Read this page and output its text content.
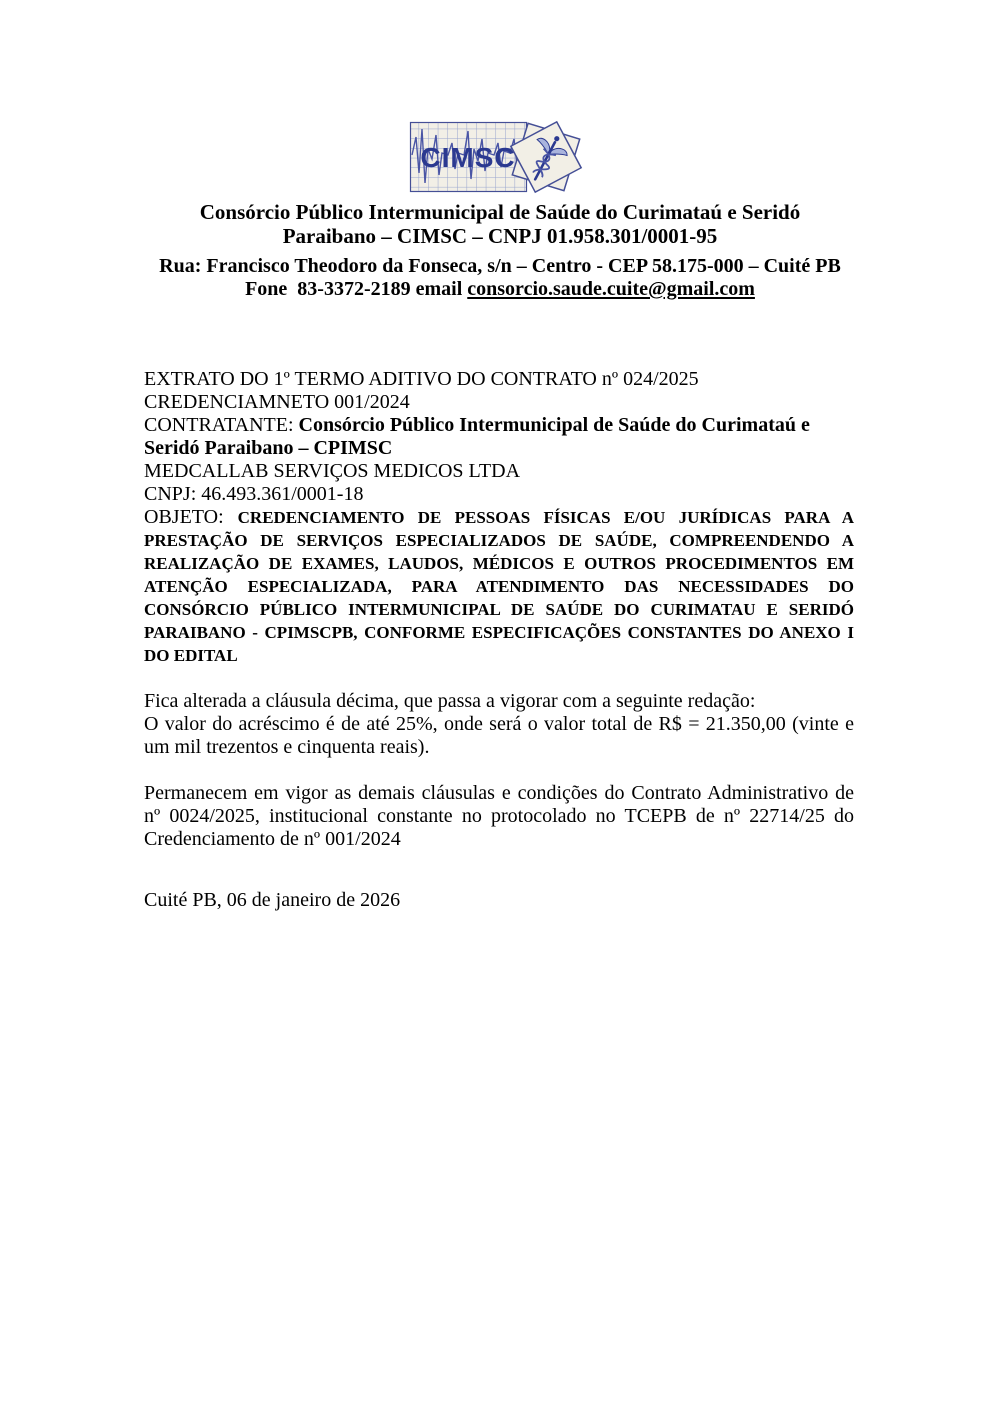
CIMSC
Consórcio Público Intermunicipal de Saúde do Curimataú e Seridó
Paraibano – CIMSC – CNPJ 01.958.301/0001-95
Rua: Francisco Theodoro da Fonseca, s/n – Centro - CEP 58.175-000 – Cuité PB
Fone  83-3372-2189 email consorcio.saude.cuite@gmail.com
EXTRATO DO 1º TERMO ADITIVO DO CONTRATO nº 024/2025
CREDENCIAMNETO 001/2024
CONTRATANTE: Consórcio Público Intermunicipal de Saúde do Curimataú e Seridó Paraibano – CPIMSC
MEDCALLAB SERVIÇOS MEDICOS LTDA
CNPJ: 46.493.361/0001-18
OBJETO: CREDENCIAMENTO DE PESSOAS FÍSICAS E/OU JURÍDICAS PARA A PRESTAÇÃO DE SERVIÇOS ESPECIALIZADOS DE SAÚDE, COMPREENDENDO A REALIZAÇÃO DE EXAMES, LAUDOS, MÉDICOS E OUTROS PROCEDIMENTOS EM ATENÇÃO ESPECIALIZADA, PARA ATENDIMENTO DAS NECESSIDADES DO CONSÓRCIO PÚBLICO INTERMUNICIPAL DE SAÚDE DO CURIMATAU E SERIDÓ PARAIBANO - CPIMSCPB, CONFORME ESPECIFICAÇÕES CONSTANTES DO ANEXO I DO EDITAL
Fica alterada a cláusula décima, que passa a vigorar com a seguinte redação:
O valor do acréscimo é de até 25%, onde será o valor total de R$ = 21.350,00 (vinte e um mil trezentos e cinquenta reais).
Permanecem em vigor as demais cláusulas e condições do Contrato Administrativo de nº 0024/2025, institucional constante no protocolado no TCEPB de nº 22714/25 do Credenciamento de nº 001/2024
Cuité PB, 06 de janeiro de 2026
